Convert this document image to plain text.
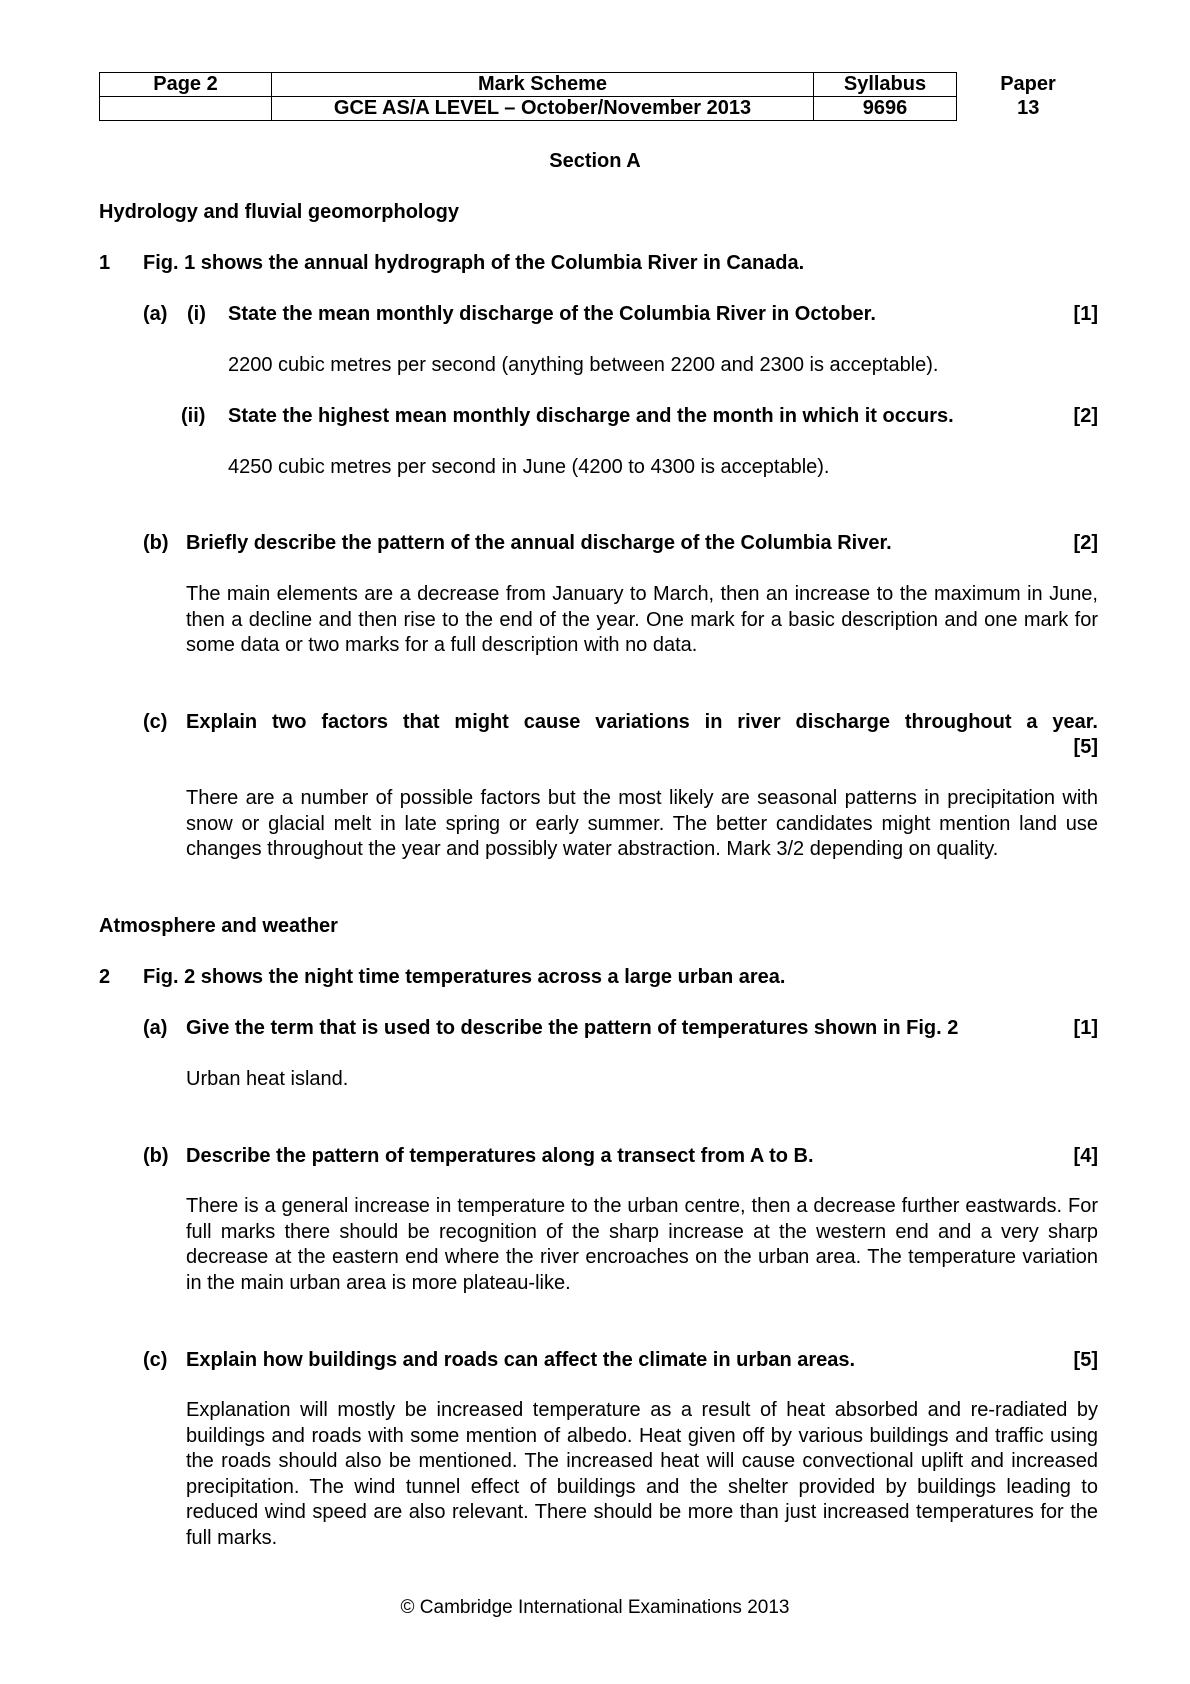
Page 2	Mark Scheme	Syllabus	Paper
	GCE AS/A LEVEL – October/November 2013	9696	13
Section A
Hydrology and fluvial geomorphology
1 Fig. 1 shows the annual hydrograph of the Columbia River in Canada.
(a) (i) State the mean monthly discharge of the Columbia River in October.	[1]
2200 cubic metres per second (anything between 2200 and 2300 is acceptable).
(ii) State the highest mean monthly discharge and the month in which it occurs.	[2]
4250 cubic metres per second in June (4200 to 4300 is acceptable).
(b) Briefly describe the pattern of the annual discharge of the Columbia River.	[2]
The main elements are a decrease from January to March, then an increase to the maximum in June, then a decline and then rise to the end of the year. One mark for a basic description and one mark for some data or two marks for a full description with no data.
(c) Explain two factors that might cause variations in river discharge throughout a year.
[5]
There are a number of possible factors but the most likely are seasonal patterns in precipitation with snow or glacial melt in late spring or early summer. The better candidates might mention land use changes throughout the year and possibly water abstraction. Mark 3/2 depending on quality.
Atmosphere and weather
2 Fig. 2 shows the night time temperatures across a large urban area.
(a) Give the term that is used to describe the pattern of temperatures shown in Fig. 2	[1]
Urban heat island.
(b) Describe the pattern of temperatures along a transect from A to B.	[4]
There is a general increase in temperature to the urban centre, then a decrease further eastwards. For full marks there should be recognition of the sharp increase at the western end and a very sharp decrease at the eastern end where the river encroaches on the urban area. The temperature variation in the main urban area is more plateau-like.
(c) Explain how buildings and roads can affect the climate in urban areas.	[5]
Explanation will mostly be increased temperature as a result of heat absorbed and re-radiated by buildings and roads with some mention of albedo. Heat given off by various buildings and traffic using the roads should also be mentioned. The increased heat will cause convectional uplift and increased precipitation. The wind tunnel effect of buildings and the shelter provided by buildings leading to reduced wind speed are also relevant. There should be more than just increased temperatures for the full marks.
© Cambridge International Examinations 2013
